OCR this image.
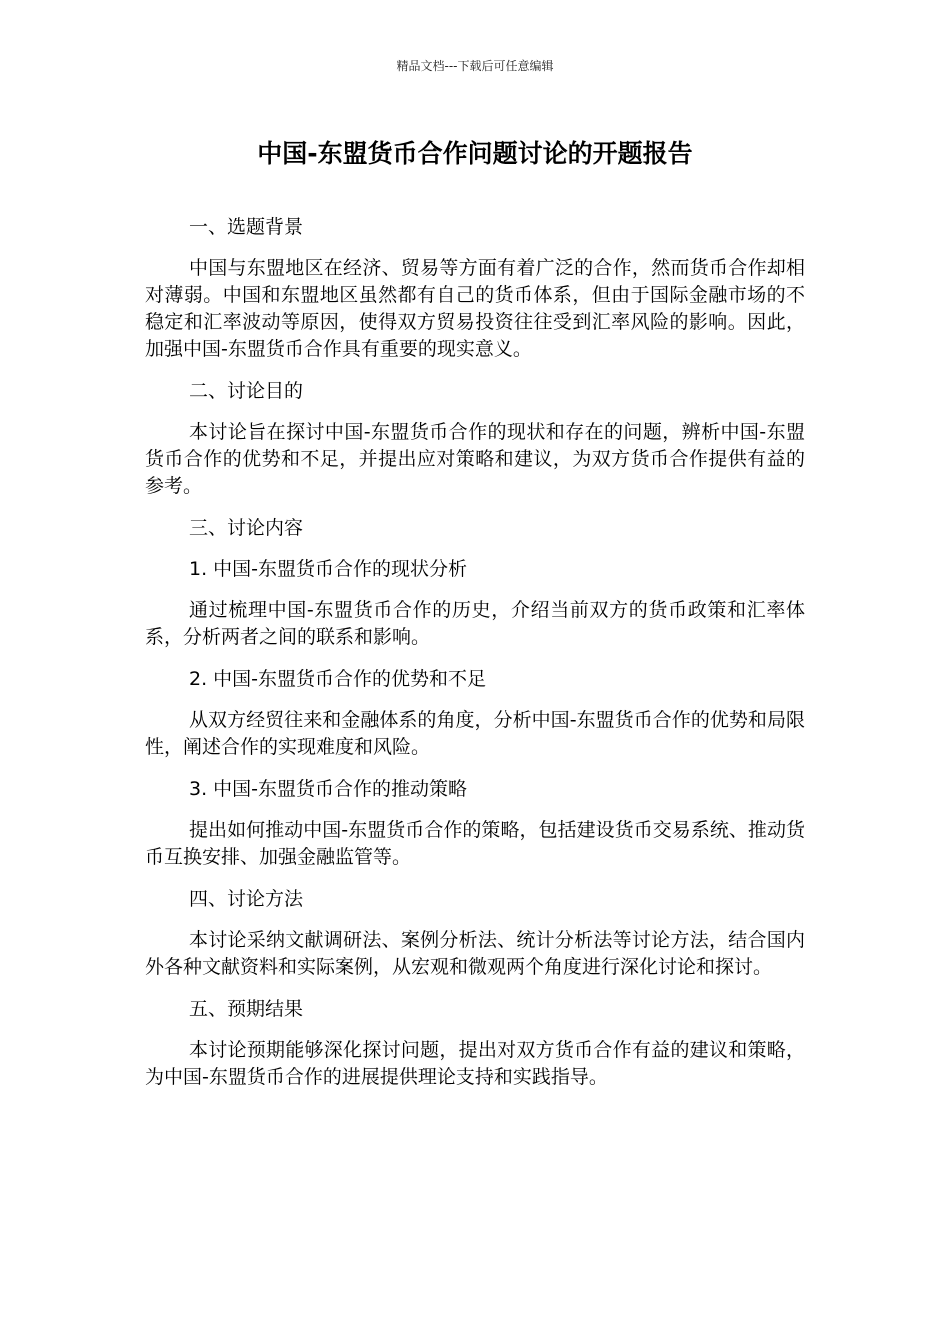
精品文档---下载后可任意编辑
中国-东盟货币合作问题讨论的开题报告

一、选题背景

中国与东盟地区在经济、贸易等方面有着广泛的合作，然而货币合作却相对薄弱。中国和东盟地区虽然都有自己的货币体系，但由于国际金融市场的不稳定和汇率波动等原因，使得双方贸易投资往往受到汇率风险的影响。因此，加强中国-东盟货币合作具有重要的现实意义。

二、讨论目的

本讨论旨在探讨中国-东盟货币合作的现状和存在的问题，辨析中国-东盟货币合作的优势和不足，并提出应对策略和建议，为双方货币合作提供有益的参考。

三、讨论内容

1. 中国-东盟货币合作的现状分析

通过梳理中国-东盟货币合作的历史，介绍当前双方的货币政策和汇率体系，分析两者之间的联系和影响。

2. 中国-东盟货币合作的优势和不足

从双方经贸往来和金融体系的角度，分析中国-东盟货币合作的优势和局限性，阐述合作的实现难度和风险。

3. 中国-东盟货币合作的推动策略

提出如何推动中国-东盟货币合作的策略，包括建设货币交易系统、推动货币互换安排、加强金融监管等。

四、讨论方法

本讨论采纳文献调研法、案例分析法、统计分析法等讨论方法，结合国内外各种文献资料和实际案例，从宏观和微观两个角度进行深化讨论和探讨。

五、预期结果

本讨论预期能够深化探讨问题，提出对双方货币合作有益的建议和策略，为中国-东盟货币合作的进展提供理论支持和实践指导。
